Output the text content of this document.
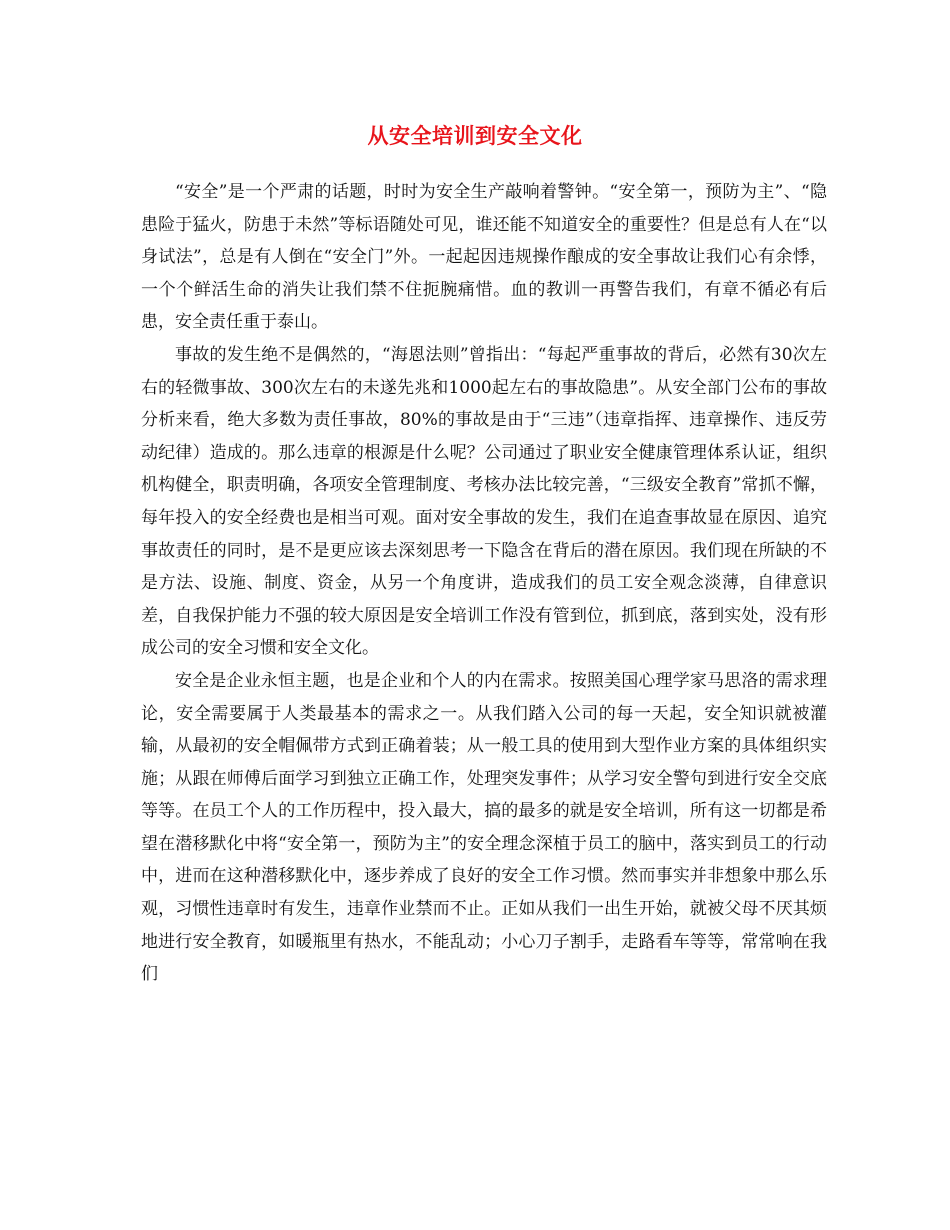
从安全培训到安全文化

“安全”是一个严肃的话题，时时为安全生产敲响着警钟。“安全第一，预防为主”、“隐患险于猛火，防患于未然”等标语随处可见，谁还能不知道安全的重要性？但是总有人在“以身试法”，总是有人倒在“安全门”外。一起起因违规操作酿成的安全事故让我们心有余悸，一个个鲜活生命的消失让我们禁不住扼腕痛惜。血的教训一再警告我们，有章不循必有后患，安全责任重于泰山。

事故的发生绝不是偶然的，“海恩法则”曾指出：“每起严重事故的背后，必然有30次左右的轻微事故、300次左右的未遂先兆和1000起左右的事故隐患”。从安全部门公布的事故分析来看，绝大多数为责任事故，80%的事故是由于“三违”（违章指挥、违章操作、违反劳动纪律）造成的。那么违章的根源是什么呢？公司通过了职业安全健康管理体系认证，组织机构健全，职责明确，各项安全管理制度、考核办法比较完善，“三级安全教育”常抓不懈，每年投入的安全经费也是相当可观。面对安全事故的发生，我们在追查事故显在原因、追究事故责任的同时，是不是更应该去深刻思考一下隐含在背后的潜在原因。我们现在所缺的不是方法、设施、制度、资金，从另一个角度讲，造成我们的员工安全观念淡薄，自律意识差，自我保护能力不强的较大原因是安全培训工作没有管到位，抓到底，落到实处，没有形成公司的安全习惯和安全文化。

安全是企业永恒主题，也是企业和个人的内在需求。按照美国心理学家马思洛的需求理论，安全需要属于人类最基本的需求之一。从我们踏入公司的每一天起，安全知识就被灌输，从最初的安全帽佩带方式到正确着装；从一般工具的使用到大型作业方案的具体组织实施；从跟在师傅后面学习到独立正确工作，处理突发事件；从学习安全警句到进行安全交底等等。在员工个人的工作历程中，投入最大，搞的最多的就是安全培训，所有这一切都是希望在潜移默化中将“安全第一，预防为主”的安全理念深植于员工的脑中，落实到员工的行动中，进而在这种潜移默化中，逐步养成了良好的安全工作习惯。然而事实并非想象中那么乐观，习惯性违章时有发生，违章作业禁而不止。正如从我们一出生开始，就被父母不厌其烦地进行安全教育，如暖瓶里有热水，不能乱动；小心刀子割手，走路看车等等，常常响在我们
